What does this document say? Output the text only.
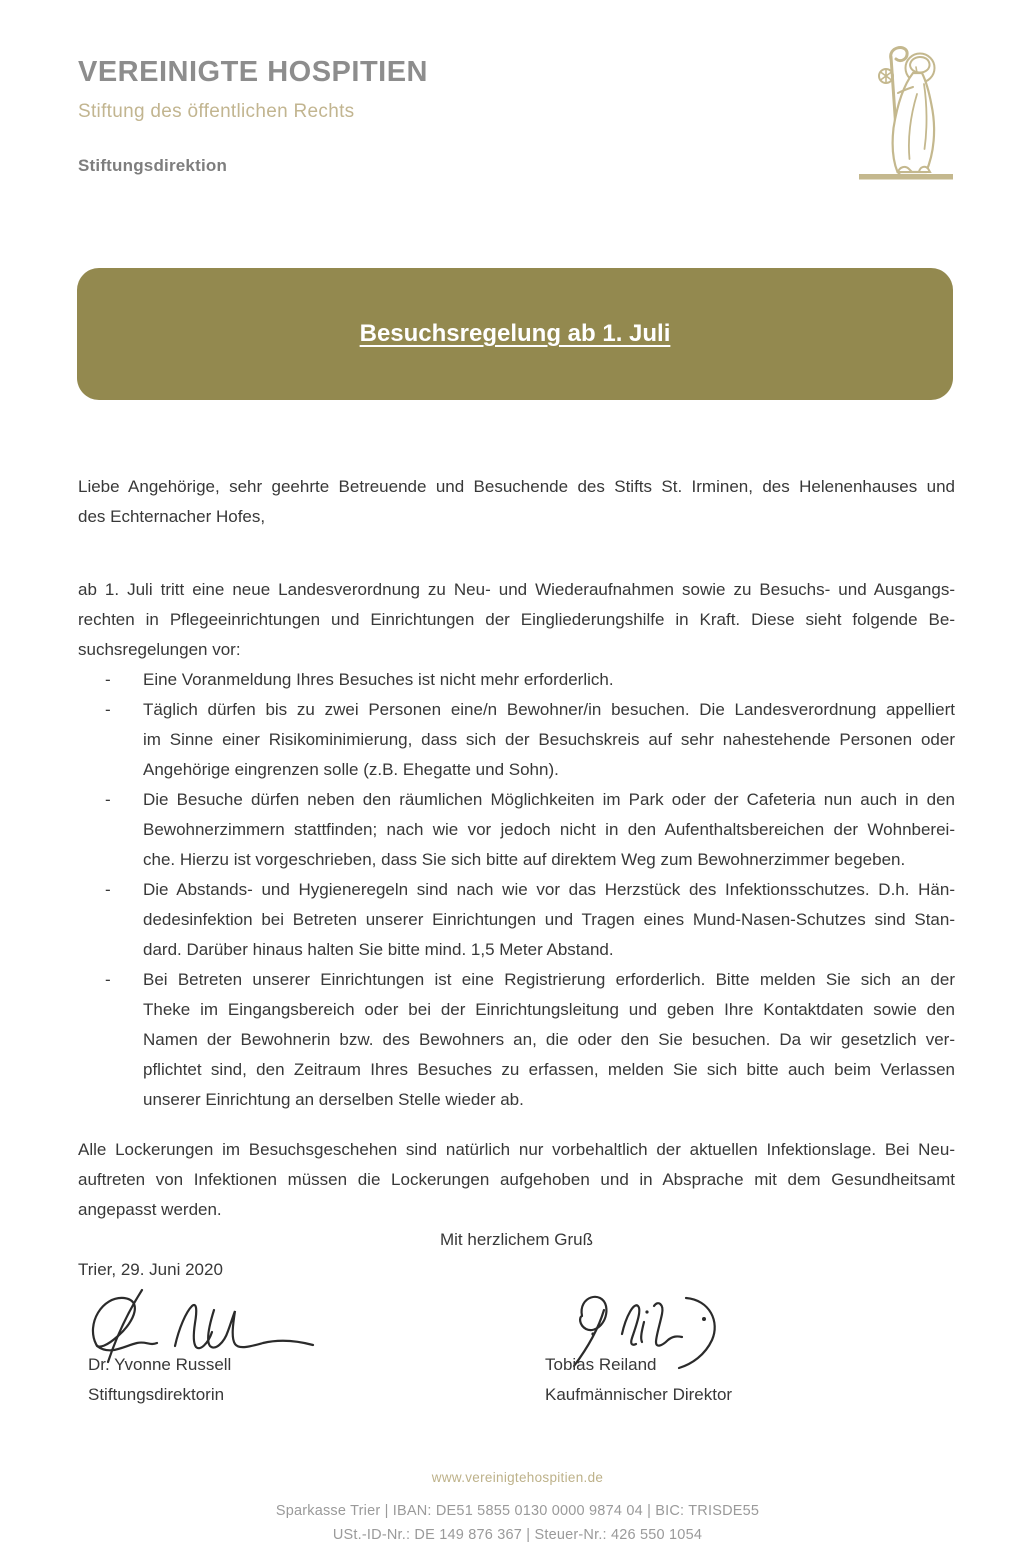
VEREINIGTE HOSPITIEN
Stiftung des öffentlichen Rechts
Stiftungsdirektion
Besuchsregelung ab 1. Juli
Liebe Angehörige, sehr geehrte Betreuende und Besuchende des Stifts St. Irminen, des Helenenhauses und
des Echternacher Hofes,
ab 1. Juli tritt eine neue Landesverordnung zu Neu- und Wiederaufnahmen sowie zu Besuchs- und Ausgangs-
rechten in Pflegeeinrichtungen und Einrichtungen der Eingliederungshilfe in Kraft. Diese sieht folgende Be-
suchsregelungen vor:
-	Eine Voranmeldung Ihres Besuches ist nicht mehr erforderlich.
-	Täglich dürfen bis zu zwei Personen eine/n Bewohner/in besuchen. Die Landesverordnung appelliert
im Sinne einer Risikominimierung, dass sich der Besuchskreis auf sehr nahestehende Personen oder
Angehörige eingrenzen solle (z.B. Ehegatte und Sohn).
-	Die Besuche dürfen neben den räumlichen Möglichkeiten im Park oder der Cafeteria nun auch in den
Bewohnerzimmern stattfinden; nach wie vor jedoch nicht in den Aufenthaltsbereichen der Wohnberei-
che. Hierzu ist vorgeschrieben, dass Sie sich bitte auf direktem Weg zum Bewohnerzimmer begeben.
-	Die Abstands- und Hygieneregeln sind nach wie vor das Herzstück des Infektionsschutzes. D.h. Hän-
dedesinfektion bei Betreten unserer Einrichtungen und Tragen eines Mund-Nasen-Schutzes sind Stan-
dard. Darüber hinaus halten Sie bitte mind. 1,5 Meter Abstand.
-	Bei Betreten unserer Einrichtungen ist eine Registrierung erforderlich. Bitte melden Sie sich an der
Theke im Eingangsbereich oder bei der Einrichtungsleitung und geben Ihre Kontaktdaten sowie den
Namen der Bewohnerin bzw. des Bewohners an, die oder den Sie besuchen. Da wir gesetzlich ver-
pflichtet sind, den Zeitraum Ihres Besuches zu erfassen, melden Sie sich bitte auch beim Verlassen
unserer Einrichtung an derselben Stelle wieder ab.
Alle Lockerungen im Besuchsgeschehen sind natürlich nur vorbehaltlich der aktuellen Infektionslage. Bei Neu-
auftreten von Infektionen müssen die Lockerungen aufgehoben und in Absprache mit dem Gesundheitsamt
angepasst werden.
Mit herzlichem Gruß
Trier, 29. Juni 2020
Dr. Yvonne Russell
Stiftungsdirektorin
Tobias Reiland
Kaufmännischer Direktor
www.vereinigtehospitien.de
Sparkasse Trier | IBAN: DE51 5855 0130 0000 9874 04 | BIC: TRISDE55
USt.-ID-Nr.: DE 149 876 367 | Steuer-Nr.: 426 550 1054
